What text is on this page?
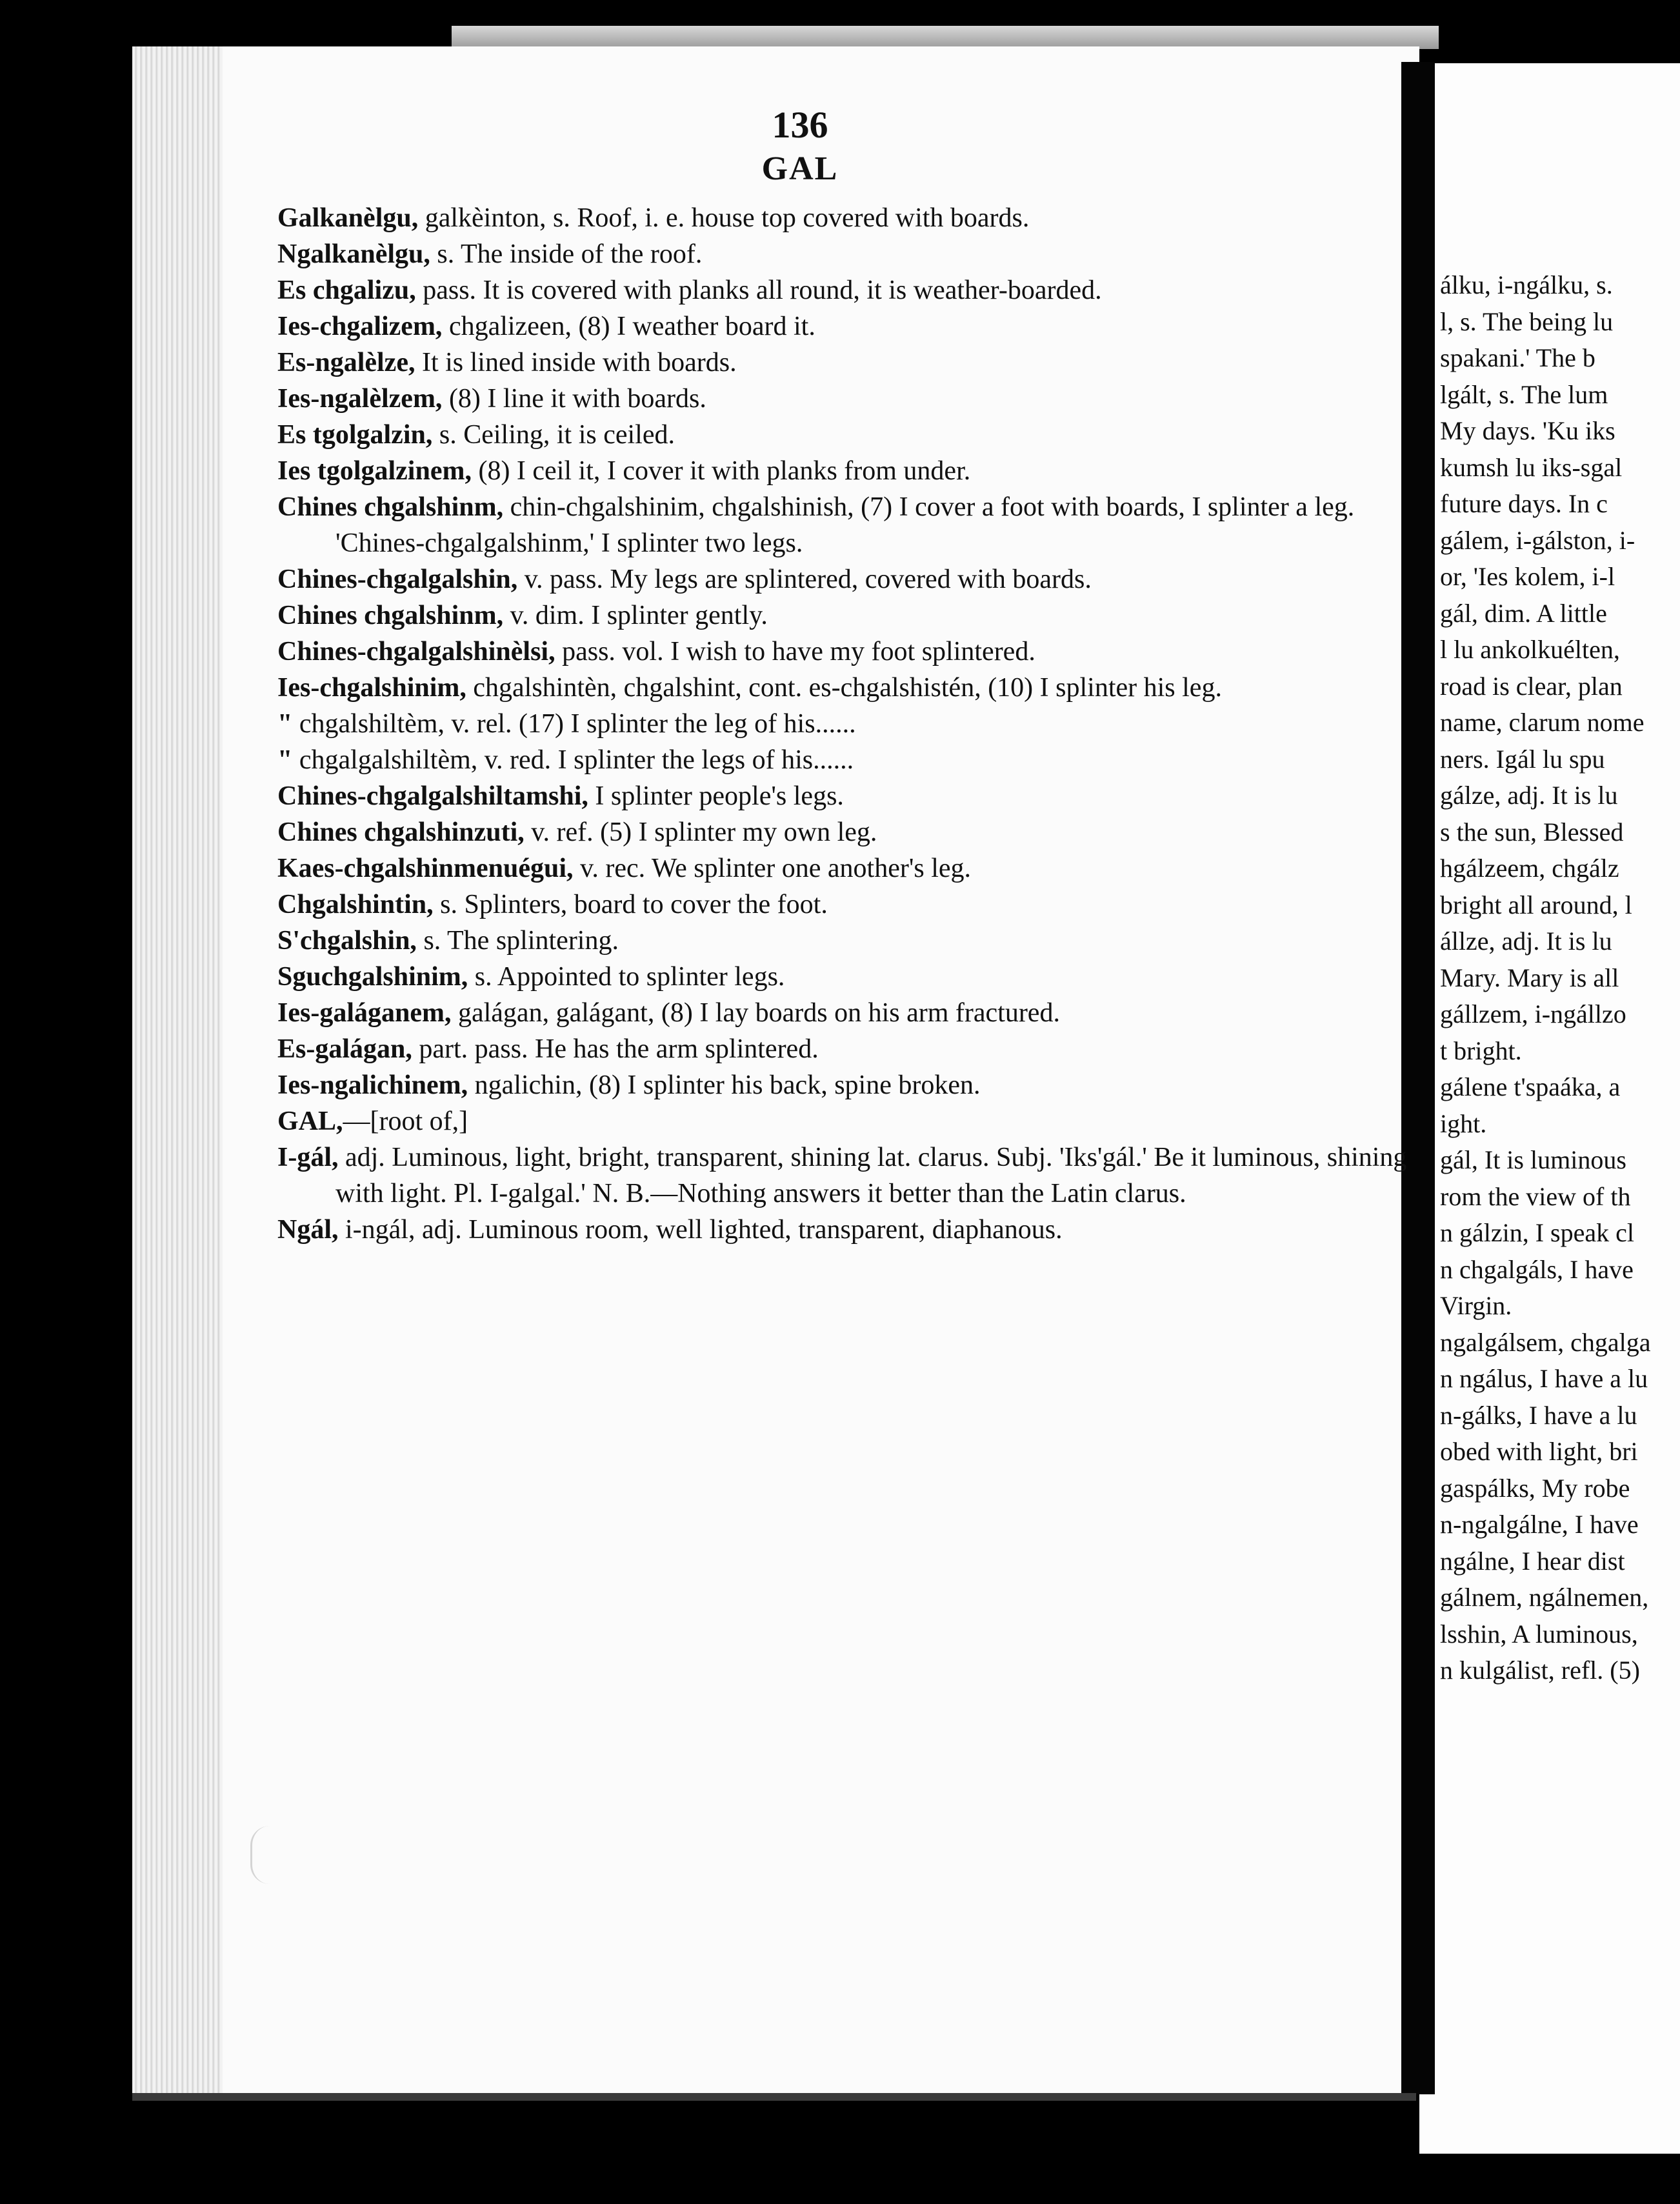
136

GAL

Galkanèlgu, galkèinton, s. Roof, i. e. house top covered with boards.

Ngalkanèlgu, s. The inside of the roof.

Es chgalizu, pass. It is covered with planks all round, it is weather-boarded.

Ies-chgalizem, chgalizeen, (8) I weather board it.

Es-ngalèlze, It is lined inside with boards.

Ies-ngalèlzem, (8) I line it with boards.

Es tgolgalzin, s. Ceiling, it is ceiled.

Ies tgolgalzinem, (8) I ceil it, I cover it with planks from under.

Chines chgalshinm, chin-chgalshinim, chgalshinish, (7) I cover a foot with boards, I splinter a leg. 'Chines-chgalgalshinm,' I splinter two legs.

Chines-chgalgalshin, v. pass. My legs are splintered, covered with boards.

Chines chgalshinm, v. dim. I splinter gently.

Chines-chgalgalshinèlsi, pass. vol. I wish to have my foot splintered.

Ies-chgalshinim, chgalshintèn, chgalshint, cont. es-chgalshistén, (10) I splinter his leg.

" chgalshiltèm, v. rel. (17) I splinter the leg of his......

" chgalgalshiltèm, v. red. I splinter the legs of his......

Chines-chgalgalshiltamshi, I splinter people's legs.

Chines chgalshinzuti, v. ref. (5) I splinter my own leg.

Kaes-chgalshinmenuégui, v. rec. We splinter one another's leg.

Chgalshintin, s. Splinters, board to cover the foot.

S'chgalshin, s. The splintering.

Sguchgalshinim, s. Appointed to splinter legs.

Ies-galáganem, galágan, galágant, (8) I lay boards on his arm fractured.

Es-galágan, part. pass. He has the arm splintered.

Ies-ngalichinem, ngalichin, (8) I splinter his back, spine broken.

GAL,—[root of,]

I-gál, adj. Luminous, light, bright, transparent, shining lat. clarus. Subj. 'Iks'gál.' Be it luminous, shining with light. Pl. I-galgal.' N. B.—Nothing answers it better than the Latin clarus.

Ngál, i-ngál, adj. Luminous room, well lighted, transparent, diaphanous.

álku, i-ngálku, s.
l, s. The being lu
spakani.' The b
lgált, s. The lum
My days. 'Ku iks
kumsh lu iks-sgal
future days. In c
gálem, i-gálston, i-
or, 'Ies kolem, i-l
gál, dim. A little
l lu ankolkuélten,
road is clear, plan
name, clarum nome
ners. Igál lu spu
gálze, adj. It is lu
s the sun, Blessed
hgálzeem, chgálz
bright all around, l
állze, adj. It is lu
Mary. Mary is all
gállzem, i-ngállzo
t bright.
gálene t'spaáka, a
ight.
gál, It is luminous
rom the view of th
n gálzin, I speak cl
n chgalgáls, I have
Virgin.
ngalgálsem, chgalga
n ngálus, I have a lu
n-gálks, I have a lu
obed with light, bri
gaspálks, My robe
n-ngalgálne, I have
ngálne, I hear dist
gálnem, ngálnemen,
lsshin, A luminous,
n kulgálist, refl. (5)
